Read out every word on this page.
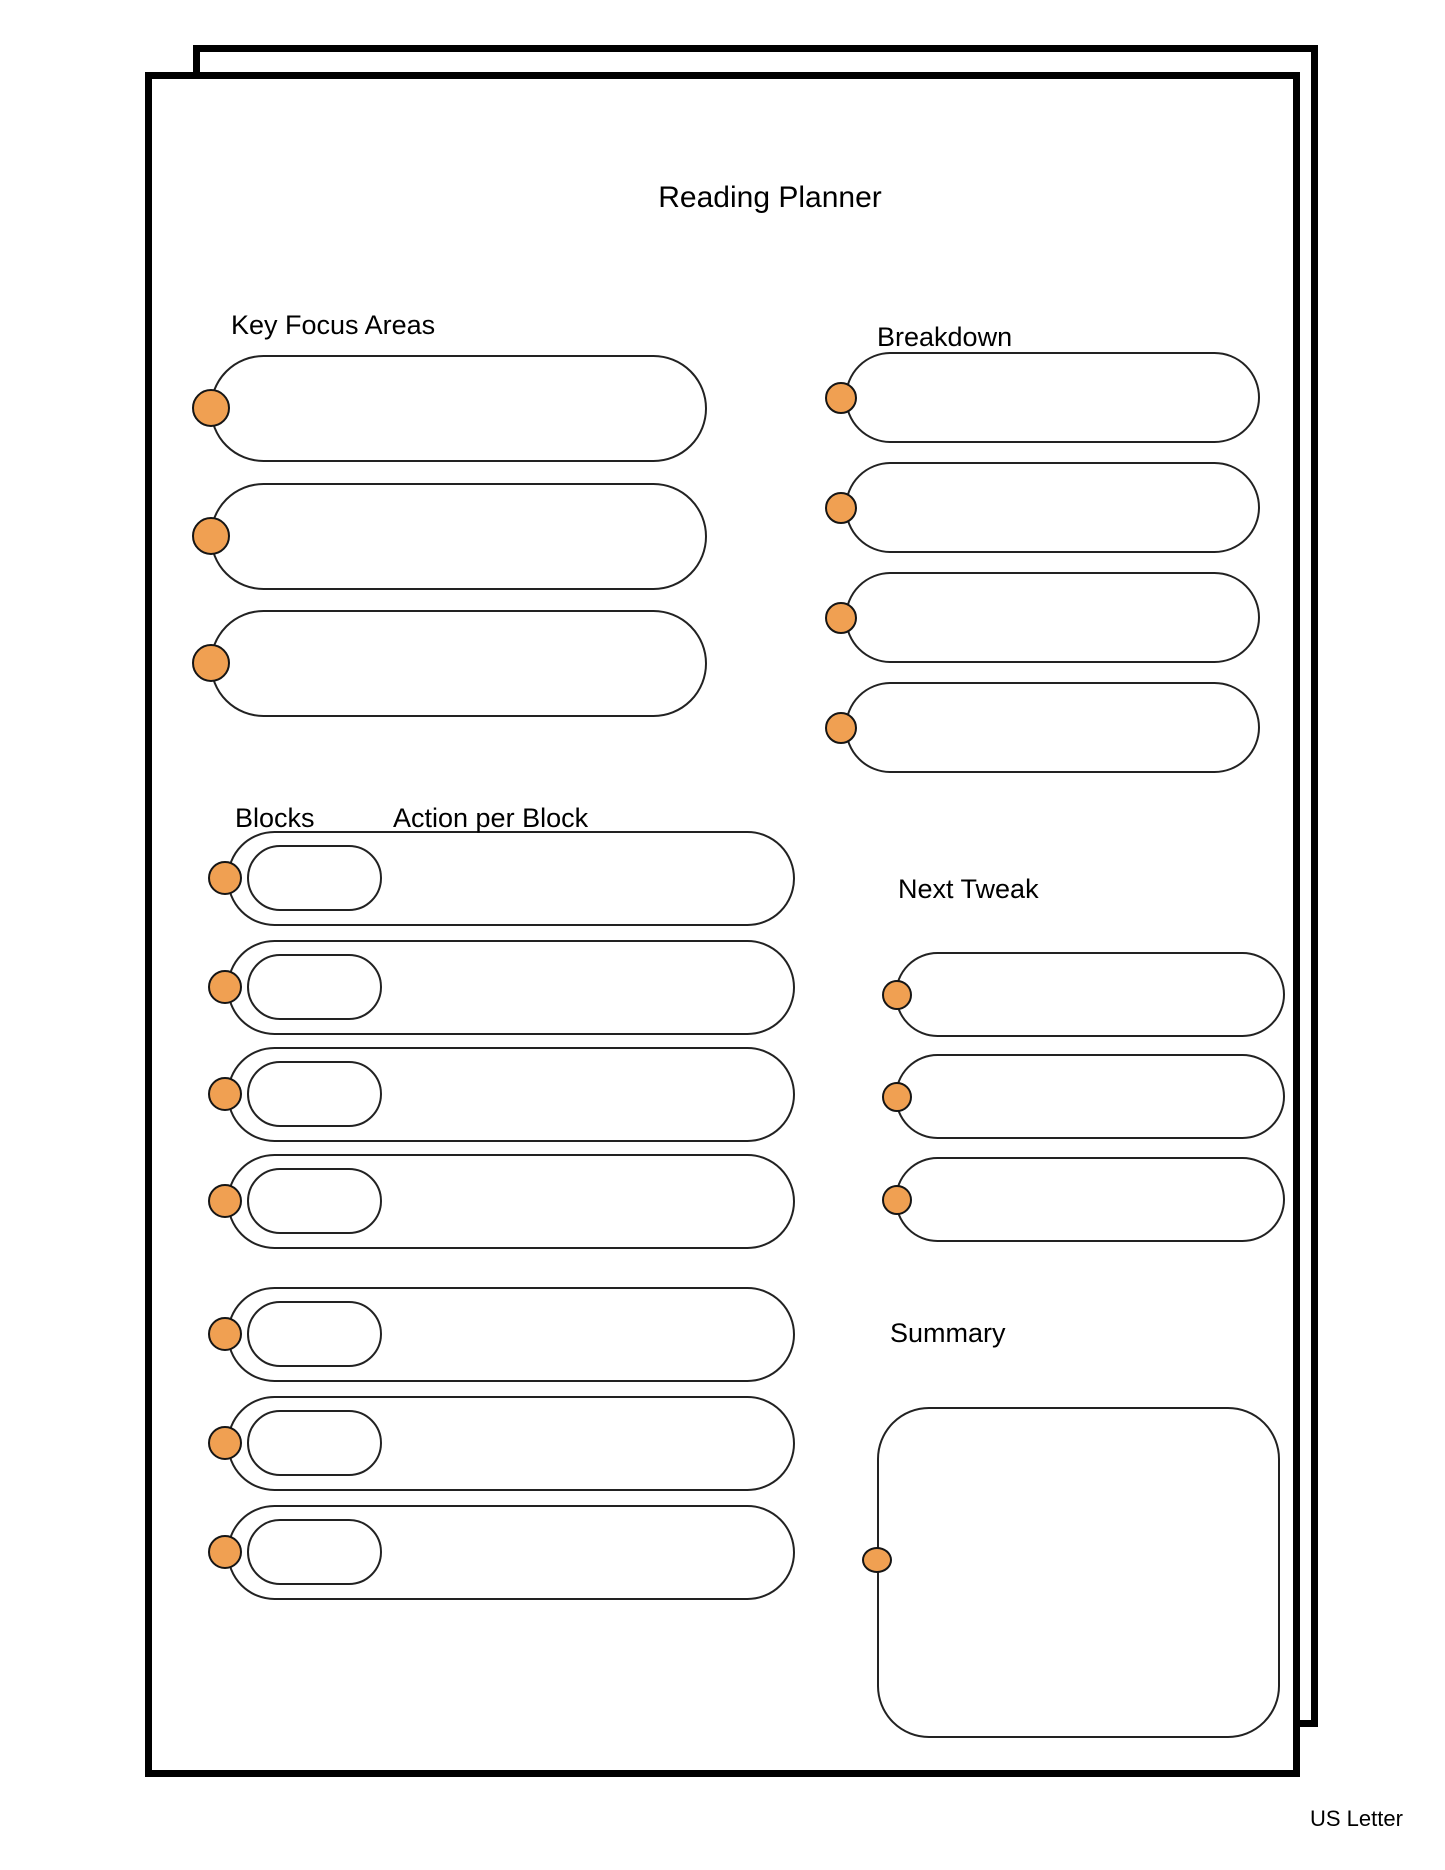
Reading Planner
Key Focus Areas	Breakdown
Blocks	Action per Block
Next Tweak
Summary
US Letter
